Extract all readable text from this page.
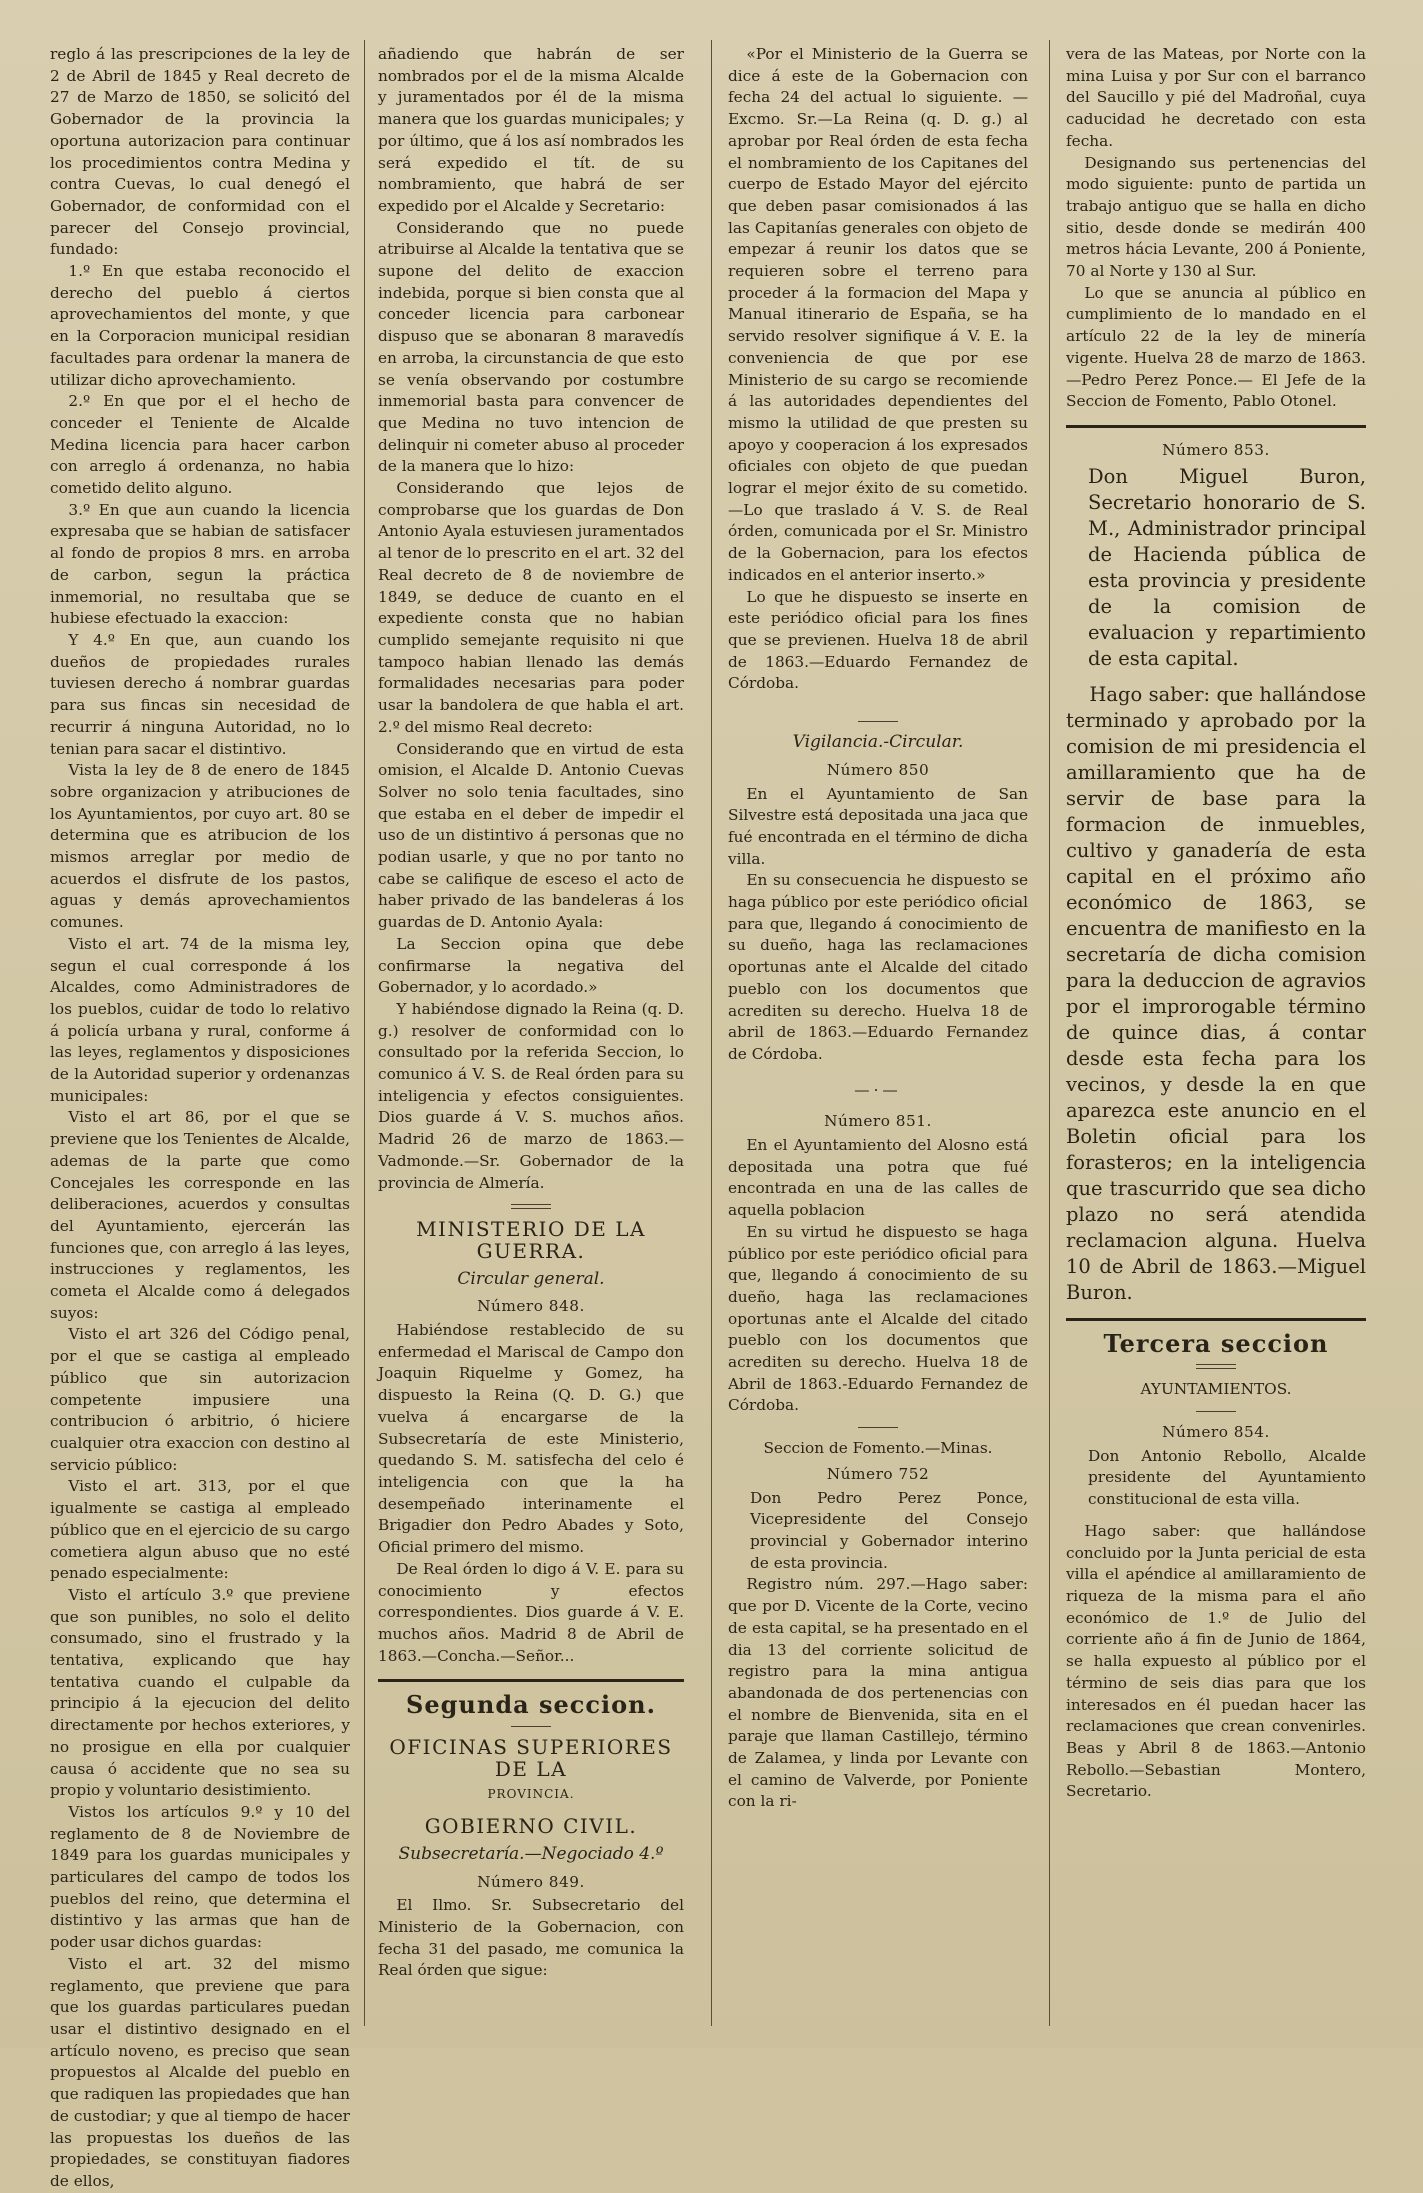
reglo á las prescripciones de la ley de 2 de Abril de 1845 y Real decreto de 27 de Marzo de 1850, se solicitó del Gobernador de la provincia la oportuna autorizacion para continuar los procedimientos contra Medina y contra Cuevas, lo cual denegó el Gobernador, de conformidad con el parecer del Consejo provincial, fundado:

1.º En que estaba reconocido el derecho del pueblo á ciertos aprovechamientos del monte, y que en la Corporacion municipal residian facultades para ordenar la manera de utilizar dicho aprovechamiento.

2.º En que por el el hecho de conceder el Teniente de Alcalde Medina licencia para hacer carbon con arreglo á ordenanza, no habia cometido delito alguno.

3.º En que aun cuando la licencia expresaba que se habian de satisfacer al fondo de propios 8 mrs. en arroba de carbon, segun la práctica inmemorial, no resultaba que se hubiese efectuado la exaccion:

Y 4.º En que, aun cuando los dueños de propiedades rurales tuviesen derecho á nombrar guardas para sus fincas sin necesidad de recurrir á ninguna Autoridad, no lo tenian para sacar el distintivo.

Vista la ley de 8 de enero de 1845 sobre organizacion y atribuciones de los Ayuntamientos, por cuyo art. 80 se determina que es atribucion de los mismos arreglar por medio de acuerdos el disfrute de los pastos, aguas y demás aprovechamientos comunes.

Visto el art. 74 de la misma ley, segun el cual corresponde á los Alcaldes, como Administradores de los pueblos, cuidar de todo lo relativo á policía urbana y rural, conforme á las leyes, reglamentos y disposiciones de la Autoridad superior y ordenanzas municipales:

Visto el art 86, por el que se previene que los Tenientes de Alcalde, ademas de la parte que como Concejales les corresponde en las deliberaciones, acuerdos y consultas del Ayuntamiento, ejercerán las funciones que, con arreglo á las leyes, instrucciones y reglamentos, les cometa el Alcalde como á delegados suyos:

Visto el art 326 del Código penal, por el que se castiga al empleado público que sin autorizacion competente impusiere una contribucion ó arbitrio, ó hiciere cualquier otra exaccion con destino al servicio público:

Visto el art. 313, por el que igualmente se castiga al empleado público que en el ejercicio de su cargo cometiera algun abuso que no esté penado especialmente:

Visto el artículo 3.º que previene que son punibles, no solo el delito consumado, sino el frustrado y la tentativa, explicando que hay tentativa cuando el culpable da principio á la ejecucion del delito directamente por hechos exteriores, y no prosigue en ella por cualquier causa ó accidente que no sea su propio y voluntario desistimiento.

Vistos los artículos 9.º y 10 del reglamento de 8 de Noviembre de 1849 para los guardas municipales y particulares del campo de todos los pueblos del reino, que determina el distintivo y las armas que han de poder usar dichos guardas:

Visto el art. 32 del mismo reglamento, que previene que para que los guardas particulares puedan usar el distintivo designado en el artículo noveno, es preciso que sean propuestos al Alcalde del pueblo en que radiquen las propiedades que han de custodiar; y que al tiempo de hacer las propuestas los dueños de las propiedades, se constituyan fiadores de ellos,

añadiendo que habrán de ser nombrados por el de la misma Alcalde y juramentados por él de la misma manera que los guardas municipales; y por último, que á los así nombrados les será expedido el tít. de su nombramiento, que habrá de ser expedido por el Alcalde y Secretario:

Considerando que no puede atribuirse al Alcalde la tentativa que se supone del delito de exaccion indebida, porque si bien consta que al conceder licencia para carbonear dispuso que se abonaran 8 maravedís en arroba, la circunstancia de que esto se venía observando por costumbre inmemorial basta para convencer de que Medina no tuvo intencion de delinquir ni cometer abuso al proceder de la manera que lo hizo:

Considerando que lejos de comprobarse que los guardas de Don Antonio Ayala estuviesen juramentados al tenor de lo prescrito en el art. 32 del Real decreto de 8 de noviembre de 1849, se deduce de cuanto en el expediente consta que no habian cumplido semejante requisito ni que tampoco habian llenado las demás formalidades necesarias para poder usar la bandolera de que habla el art. 2.º del mismo Real decreto:

Considerando que en virtud de esta omision, el Alcalde D. Antonio Cuevas Solver no solo tenia facultades, sino que estaba en el deber de impedir el uso de un distintivo á personas que no podian usarle, y que no por tanto no cabe se califique de esceso el acto de haber privado de las bandeleras á los guardas de D. Antonio Ayala:

La Seccion opina que debe confirmarse la negativa del Gobernador, y lo acordado.»

Y habiéndose dignado la Reina (q. D. g.) resolver de conformidad con lo consultado por la referida Seccion, lo comunico á V. S. de Real órden para su inteligencia y efectos consiguientes. Dios guarde á V. S. muchos años. Madrid 26 de marzo de 1863.—Vadmonde.—Sr. Gobernador de la provincia de Almería.

MINISTERIO DE LA GUERRA.
Circular general.
Número 848.

Habiéndose restablecido de su enfermedad el Mariscal de Campo don Joaquin Riquelme y Gomez, ha dispuesto la Reina (Q. D. G.) que vuelva á encargarse de la Subsecretaría de este Ministerio, quedando S. M. satisfecha del celo é inteligencia con que la ha desempeñado interinamente el Brigadier don Pedro Abades y Soto, Oficial primero del mismo.

De Real órden lo digo á V. E. para su conocimiento y efectos correspondientes. Dios guarde á V. E. muchos años. Madrid 8 de Abril de 1863.—Concha.—Señor...

Segunda seccion.
OFICINAS SUPERIORES DE LA
PROVINCIA.
GOBIERNO CIVIL.
Subsecretaría.—Negociado 4.º
Número 849.

El Ilmo. Sr. Subsecretario del Ministerio de la Gobernacion, con fecha 31 del pasado, me comunica la Real órden que sigue:

«Por el Ministerio de la Guerra se dice á este de la Gobernacion con fecha 24 del actual lo siguiente. —Excmo. Sr.—La Reina (q. D. g.) al aprobar por Real órden de esta fecha el nombramiento de los Capitanes del cuerpo de Estado Mayor del ejército que deben pasar comisionados á las las Capitanías generales con objeto de empezar á reunir los datos que se requieren sobre el terreno para proceder á la formacion del Mapa y Manual itinerario de España, se ha servido resolver signifique á V. E. la conveniencia de que por ese Ministerio de su cargo se recomiende á las autoridades dependientes del mismo la utilidad de que presten su apoyo y cooperacion á los expresados oficiales con objeto de que puedan lograr el mejor éxito de su cometido.—Lo que traslado á V. S. de Real órden, comunicada por el Sr. Ministro de la Gobernacion, para los efectos indicados en el anterior inserto.»

Lo que he dispuesto se inserte en este periódico oficial para los fines que se previenen. Huelva 18 de abril de 1863.—Eduardo Fernandez de Córdoba.

Vigilancia.-Circular.
Número 850

En el Ayuntamiento de San Silvestre está depositada una jaca que fué encontrada en el término de dicha villa.

En su consecuencia he dispuesto se haga público por este periódico oficial para que, llegando á conocimiento de su dueño, haga las reclamaciones oportunas ante el Alcalde del citado pueblo con los documentos que acrediten su derecho. Huelva 18 de abril de 1863.—Eduardo Fernandez de Córdoba.

—·—
Número 851.

En el Ayuntamiento del Alosno está depositada una potra que fué encontrada en una de las calles de aquella poblacion

En su virtud he dispuesto se haga público por este periódico oficial para que, llegando á conocimiento de su dueño, haga las reclamaciones oportunas ante el Alcalde del citado pueblo con los documentos que acrediten su derecho. Huelva 18 de Abril de 1863.-Eduardo Fernandez de Córdoba.

Seccion de Fomento.—Minas.
Número 752

Don Pedro Perez Ponce, Vicepresidente del Consejo provincial y Gobernador interino de esta provincia.

Registro núm. 297.—Hago saber: que por D. Vicente de la Corte, vecino de esta capital, se ha presentado en el dia 13 del corriente solicitud de registro para la mina antigua abandonada de dos pertenencias con el nombre de Bienvenida, sita en el paraje que llaman Castillejo, término de Zalamea, y linda por Levante con el camino de Valverde, por Poniente con la ri-

vera de las Mateas, por Norte con la mina Luisa y por Sur con el barranco del Saucillo y pié del Madroñal, cuya caducidad he decretado con esta fecha.

Designando sus pertenencias del modo siguiente: punto de partida un trabajo antiguo que se halla en dicho sitio, desde donde se medirán 400 metros hácia Levante, 200 á Poniente, 70 al Norte y 130 al Sur.

Lo que se anuncia al público en cumplimiento de lo mandado en el artículo 22 de la ley de minería vigente. Huelva 28 de marzo de 1863.—Pedro Perez Ponce.— El Jefe de la Seccion de Fomento, Pablo Otonel.

Número 853.

Don Miguel Buron, Secretario honorario de S. M., Administrador principal de Hacienda pública de esta provincia y presidente de la comision de evaluacion y repartimiento de esta capital.

Hago saber: que hallándose terminado y aprobado por la comision de mi presidencia el amillaramiento que ha de servir de base para la formacion de inmuebles, cultivo y ganadería de esta capital en el próximo año económico de 1863, se encuentra de manifiesto en la secretaría de dicha comision para la deduccion de agravios por el improrogable término de quince dias, á contar desde esta fecha para los vecinos, y desde la en que aparezca este anuncio en el Boletin oficial para los forasteros; en la inteligencia que trascurrido que sea dicho plazo no será atendida reclamacion alguna. Huelva 10 de Abril de 1863.—Miguel Buron.

Tercera seccion
AYUNTAMIENTOS.
Número 854.

Don Antonio Rebollo, Alcalde presidente del Ayuntamiento constitucional de esta villa.

Hago saber: que hallándose concluido por la Junta pericial de esta villa el apéndice al amillaramiento de riqueza de la misma para el año económico de 1.º de Julio del corriente año á fin de Junio de 1864, se halla expuesto al público por el término de seis dias para que los interesados en él puedan hacer las reclamaciones que crean convenirles. Beas y Abril 8 de 1863.—Antonio Rebollo.—Sebastian Montero, Secretario.
